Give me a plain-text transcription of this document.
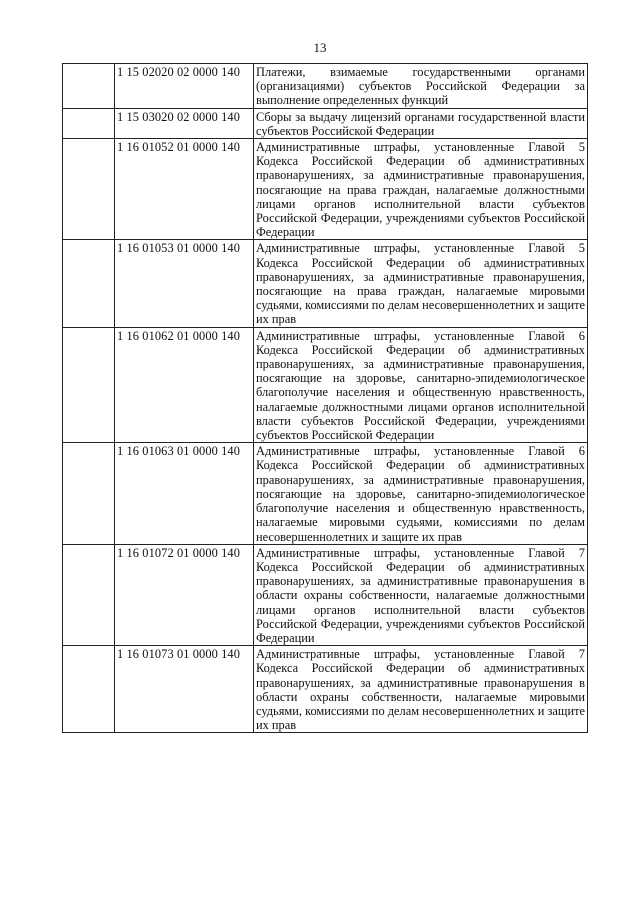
13
	1 15 02020 02 0000 140	Платежи, взимаемые государственными органами (организациями) субъектов Российской Федерации за выполнение определенных функций
	1 15 03020 02 0000 140	Сборы за выдачу лицензий органами государственной власти субъектов Российской Федерации
	1 16 01052 01 0000 140	Административные штрафы, установленные Главой 5 Кодекса Российской Федерации об административных правонарушениях, за административные правонарушения, посягающие на права граждан, налагаемые должностными лицами органов исполнительной власти субъектов Российской Федерации, учреждениями субъектов Российской Федерации
	1 16 01053 01 0000 140	Административные штрафы, установленные Главой 5 Кодекса Российской Федерации об административных правонарушениях, за административные правонарушения, посягающие на права граждан, налагаемые мировыми судьями, комиссиями по делам несовершеннолетних и защите их прав
	1 16 01062 01 0000 140	Административные штрафы, установленные Главой 6 Кодекса Российской Федерации об административных правонарушениях, за административные правонарушения, посягающие на здоровье, санитарно-эпидемиологическое благополучие населения и общественную нравственность, налагаемые должностными лицами органов исполнительной власти субъектов Российской Федерации, учреждениями субъектов Российской Федерации
	1 16 01063 01 0000 140	Административные штрафы, установленные Главой 6 Кодекса Российской Федерации об административных правонарушениях, за административные правонарушения, посягающие на здоровье, санитарно-эпидемиологическое благополучие населения и общественную нравственность, налагаемые мировыми судьями, комиссиями по делам несовершеннолетних и защите их прав
	1 16 01072 01 0000 140	Административные штрафы, установленные Главой 7 Кодекса Российской Федерации об административных правонарушениях, за административные правонарушения в области охраны собственности, налагаемые должностными лицами органов исполнительной власти субъектов Российской Федерации, учреждениями субъектов Российской Федерации
	1 16 01073 01 0000 140	Административные штрафы, установленные Главой 7 Кодекса Российской Федерации об административных правонарушениях, за административные правонарушения в области охраны собственности, налагаемые мировыми судьями, комиссиями по делам несовершеннолетних и защите их прав
